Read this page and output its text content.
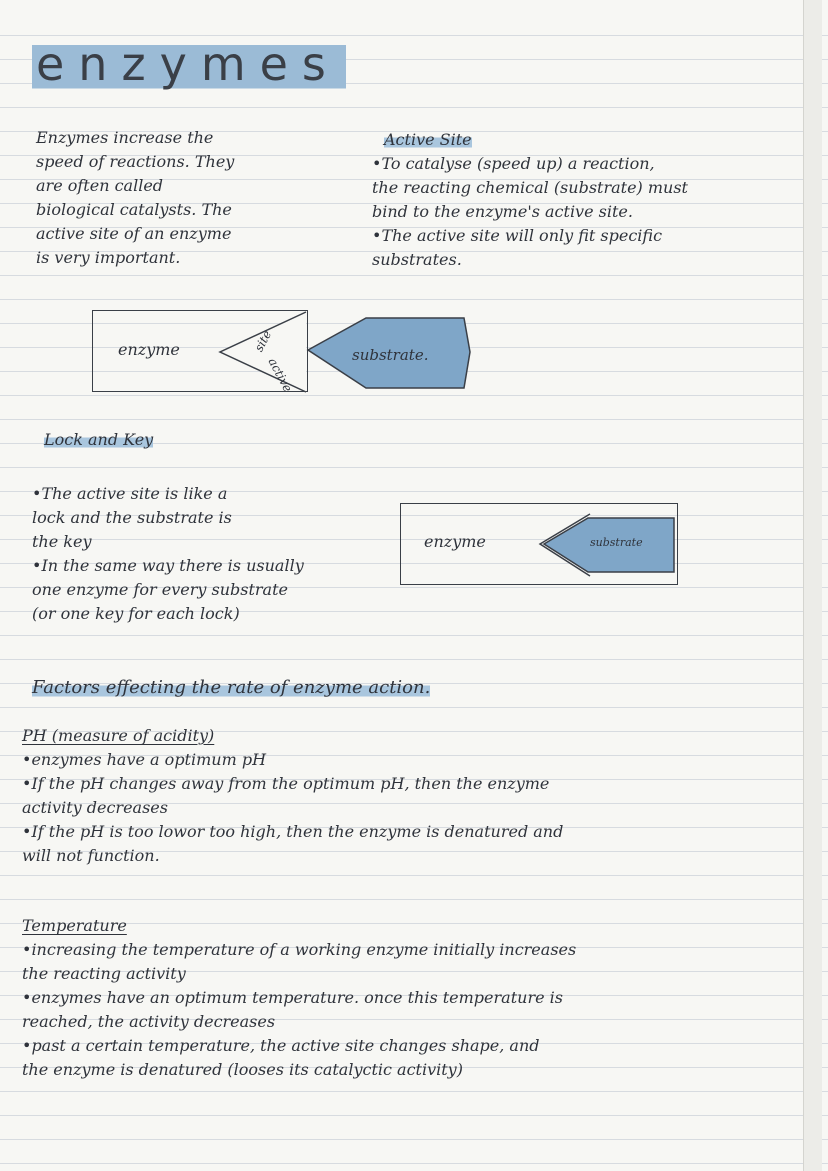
enzymes
Enzymes increase the
speed of reactions. They
are often called
biological catalysts. The
active site of an enzyme
is very important.
Active Site
•To catalyse (speed up) a reaction,
the reacting chemical (substrate) must
bind to the enzyme's active site.
•The active site will only fit specific
substrates.
enzyme	site
active
substrate.
Lock and Key
•The active site is like a
lock and the substrate is
the key
•In the same way there is usually
one enzyme for every substrate
(or one key for each lock)
enzyme	substrate
Factors effecting the rate of enzyme action.
PH (measure of acidity)
•enzymes have a optimum pH
•If the pH changes away from the optimum pH, then the enzyme
activity decreases
•If the pH is too lowor too high, then the enzyme is denatured and
will not function.
Temperature
•increasing the temperature of a working enzyme initially increases
the reacting activity
•enzymes have an optimum temperature. once this temperature is
reached, the activity decreases
•past a certain temperature, the active site changes shape, and
the enzyme is denatured (looses its catalyctic activity)
